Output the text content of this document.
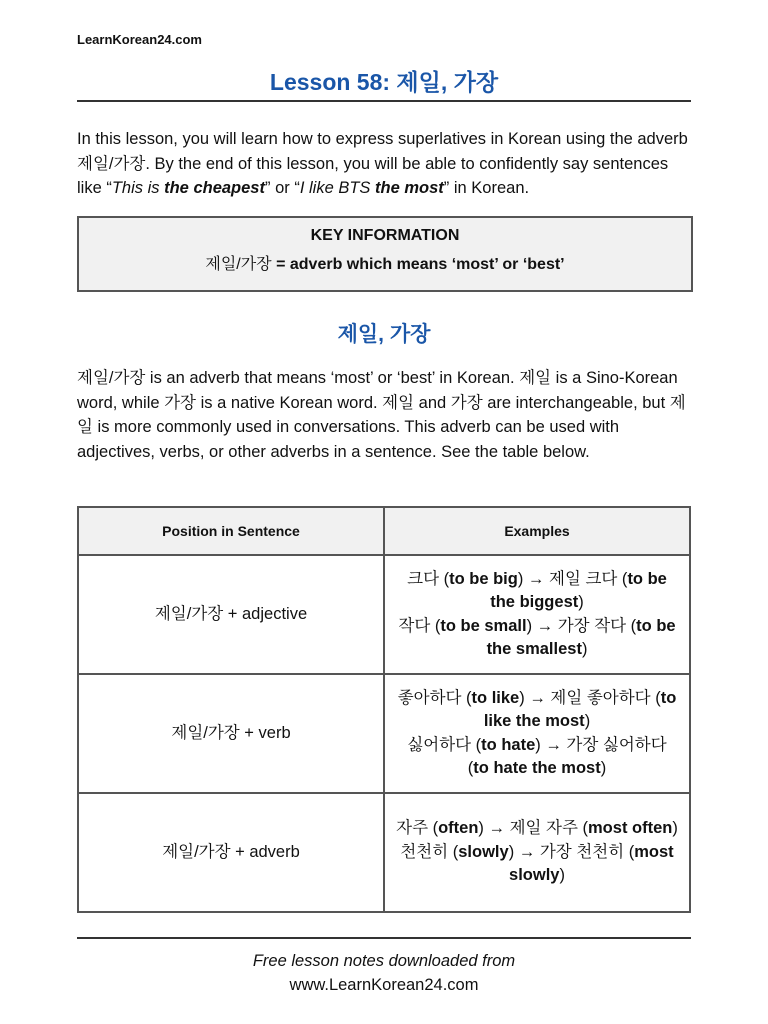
LearnKorean24.com
Lesson 58: 제일, 가장

In this lesson, you will learn how to express superlatives in Korean using the adverb 제일/가장. By the end of this lesson, you will be able to confidently say sentences like “This is the cheapest” or “I like BTS the most” in Korean.

KEY INFORMATION
제일/가장 = adverb which means ‘most’ or ‘best’
제일, 가장

제일/가장 is an adverb that means ‘most’ or ‘best’ in Korean. 제일 is a Sino-Korean word, while 가장 is a native Korean word. 제일 and 가장 are interchangeable, but 제일 is more commonly used in conversations. This adverb can be used with adjectives, verbs, or other adverbs in a sentence. See the table below.

Position in Sentence	Examples
제일/가장 + adjective	크다 (to be big) → 제일 크다 (to be the biggest)
작다 (to be small) → 가장 작다 (to be the smallest)

제일/가장 + verb	좋아하다 (to like) → 제일 좋아하다 (to like the most)
싫어하다 (to hate) → 가장 싫어하다 (to hate the most)

제일/가장 + adverb	자주 (often) → 제일 자주 (most often)
천천히 (slowly) → 가장 천천히 (most slowly)
Free lesson notes downloaded from
www.LearnKorean24.com
